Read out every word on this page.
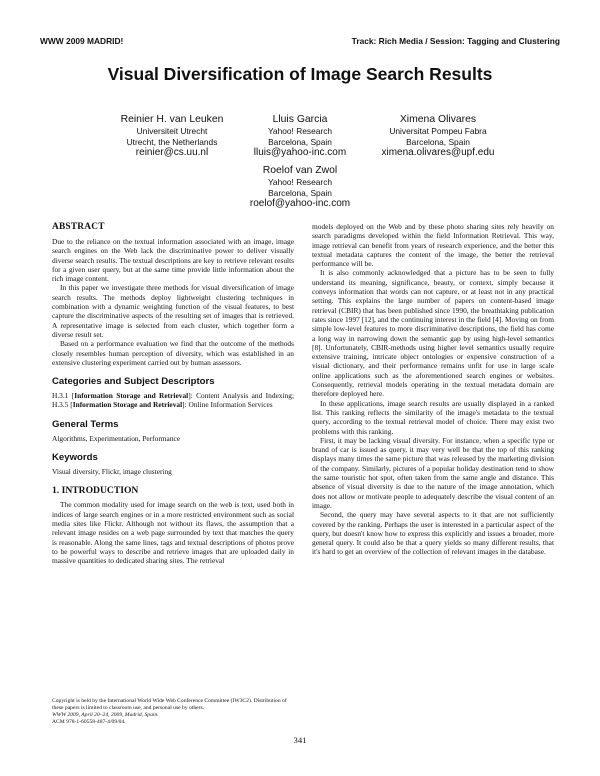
WWW 2009 MADRID!	Track: Rich Media / Session: Tagging and Clustering
Visual Diversification of Image Search Results
Reinier H. van Leuken
Universiteit Utrecht
Utrecht, the Netherlands
reinier@cs.uu.nl
Lluis Garcia
Yahoo! Research
Barcelona, Spain
lluis@yahoo-inc.com
Ximena Olivares
Universitat Pompeu Fabra
Barcelona, Spain
ximena.olivares@upf.edu
Roelof van Zwol
Yahoo! Research
Barcelona, Spain
roelof@yahoo-inc.com
ABSTRACT

Due to the reliance on the textual information associated with an image, image search engines on the Web lack the discriminative power to deliver visually diverse search results. The textual descriptions are key to retrieve relevant results for a given user query, but at the same time provide little information about the rich image content.

In this paper we investigate three methods for visual diversification of image search results. The methods deploy lightweight clustering techniques in combination with a dynamic weighting function of the visual features, to best capture the discriminative aspects of the resulting set of images that is retrieved. A representative image is selected from each cluster, which together form a diverse result set.

Based on a performance evaluation we find that the outcome of the methods closely resembles human perception of diversity, which was established in an extensive clustering experiment carried out by human assessors.

Categories and Subject Descriptors

H.3.1 [Information Storage and Retrieval]: Content Analysis and Indexing; H.3.5 [Information Storage and Retrieval]: Online Information Services

General Terms

Algorithms, Experimentation, Performance

Keywords

Visual diversity, Flickr, image clustering

1. INTRODUCTION

The common modality used for image search on the web is text, used both in indices of large search engines or in a more restricted environment such as social media sites like Flickr. Although not without its flaws, the assumption that a relevant image resides on a web page surrounded by text that matches the query is reasonable. Along the same lines, tags and textual descriptions of photos prove to be powerful ways to describe and retrieve images that are uploaded daily in massive quantities to dedicated sharing sites. The retrieval

Copyright is held by the International World Wide Web Conference Committee (IW3C2). Distribution of these papers is limited to classroom use, and personal use by others.
WWW 2009, April 20–24, 2009, Madrid, Spain.
ACM 978-1-60558-487-4/09/04.

models deployed on the Web and by these photo sharing sites rely heavily on search paradigms developed within the field Information Retrieval. This way, image retrieval can benefit from years of research experience, and the better this textual metadata captures the content of the image, the better the retrieval performance will be.

It is also commonly acknowledged that a picture has to be seen to fully understand its meaning, significance, beauty, or context, simply because it conveys information that words can not capture, or at least not in any practical setting. This explains the large number of papers on content-based image retrieval (CBIR) that has been published since 1990, the breathtaking publication rates since 1997 [12], and the continuing interest in the field [4]. Moving on from simple low-level features to more discriminative descriptions, the field has come a long way in narrowing down the semantic gap by using high-level semantics [8]. Unfortunately, CBIR-methods using higher level semantics usually require extensive training, intricate object ontologies or expensive construction of a visual dictionary, and their performance remains unfit for use in large scale online applications such as the aforementioned search engines or websites. Consequently, retrieval models operating in the textual metadata domain are therefore deployed here.

In these applications, image search results are usually displayed in a ranked list. This ranking reflects the similarity of the image's metadata to the textual query, according to the textual retrieval model of choice. There may exist two problems with this ranking.

First, it may be lacking visual diversity. For instance, when a specific type or brand of car is issued as query, it may very well be that the top of this ranking displays many times the same picture that was released by the marketing division of the company. Similarly, pictures of a popular holiday destination tend to show the same touristic hot spot, often taken from the same angle and distance. This absence of visual diversity is due to the nature of the image annotation, which does not allow or motivate people to adequately describe the visual content of an image.

Second, the query may have several aspects to it that are not sufficiently covered by the ranking. Perhaps the user is interested in a particular aspect of the query, but doesn't know how to express this explicitly and issues a broader, more general query. It could also be that a query yields so many different results, that it's hard to get an overview of the collection of relevant images in the database.

341
